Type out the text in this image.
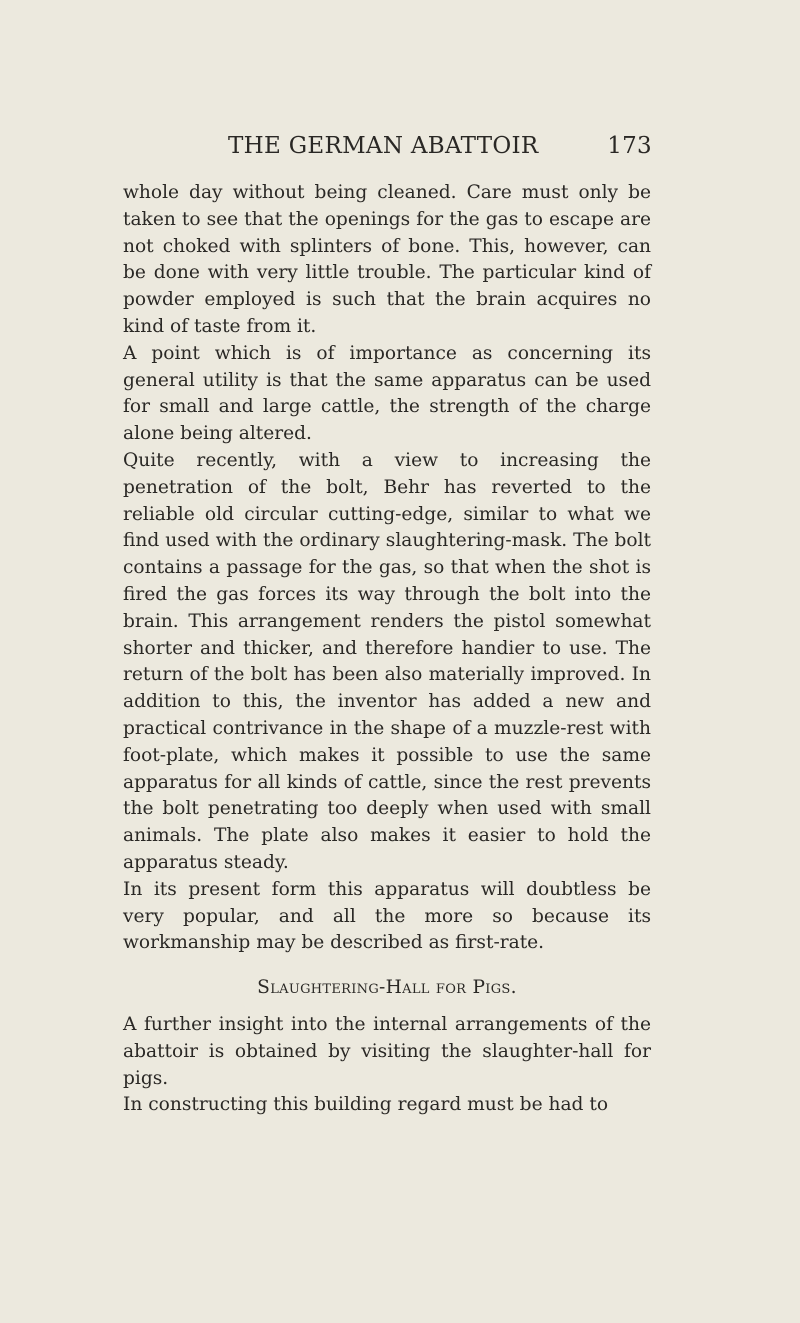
THE GERMAN ABATTOIR	173

whole day without being cleaned. Care must only be taken to see that the openings for the gas to escape are not choked with splinters of bone. This, however, can be done with very little trouble. The particular kind of powder employed is such that the brain acquires no kind of taste from it.

A point which is of importance as concerning its general utility is that the same apparatus can be used for small and large cattle, the strength of the charge alone being altered.

Quite recently, with a view to increasing the penetration of the bolt, Behr has reverted to the reliable old circular cutting-edge, similar to what we find used with the ordinary slaughtering-mask. The bolt contains a passage for the gas, so that when the shot is fired the gas forces its way through the bolt into the brain. This arrangement renders the pistol somewhat shorter and thicker, and therefore handier to use. The return of the bolt has been also materially improved. In addition to this, the inventor has added a new and practical contrivance in the shape of a muzzle-rest with foot-plate, which makes it possible to use the same apparatus for all kinds of cattle, since the rest prevents the bolt penetrating too deeply when used with small animals. The plate also makes it easier to hold the apparatus steady.

In its present form this apparatus will doubtless be very popular, and all the more so because its workmanship may be described as first-rate.

Slaughtering-Hall for Pigs.

A further insight into the internal arrangements of the abattoir is obtained by visiting the slaughter-hall for pigs.

In constructing this building regard must be had to
